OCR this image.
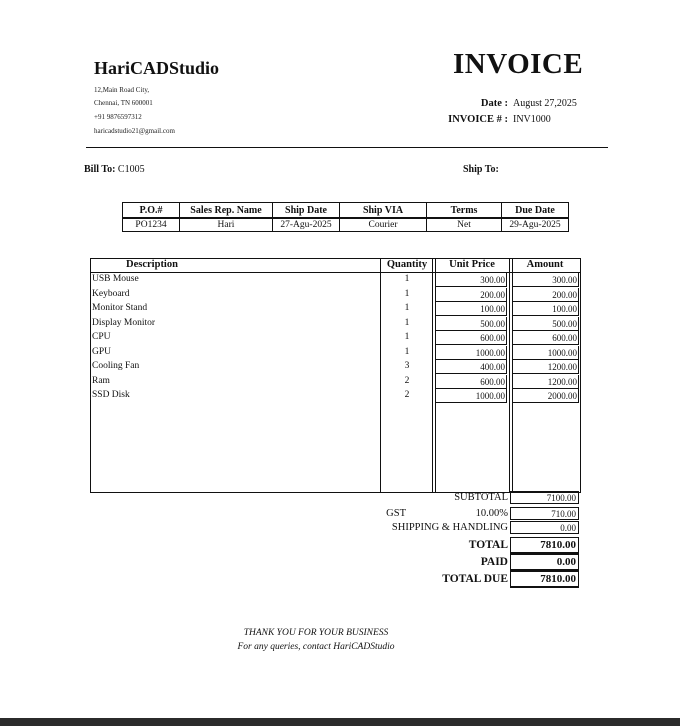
HariCADStudio
12,Main Road City,
Chennai, TN 600001
+91 9876597312
haricadstudio21@gmail.com
INVOICE
Date : August 27,2025
INVOICE # : INV1000
Bill To: C1005	Ship To:
P.O.#	Sales Rep. Name	Ship Date	Ship VIA	Terms	Due Date
PO1234	Hari	27-Agu-2025	Courier	Net	29-Agu-2025
Description	Quantity	Unit Price	Amount
USB Mouse	1	300.00	300.00
Keyboard	1	200.00	200.00
Monitor Stand	1	100.00	100.00
Display Monitor	1	500.00	500.00
CPU	1	600.00	600.00
GPU	1	1000.00	1000.00
Cooling Fan	3	400.00	1200.00
Ram	2	600.00	1200.00
SSD Disk	2	1000.00	2000.00
SUBTOTAL	7100.00
GST	10.00%	710.00
SHIPPING & HANDLING	0.00
TOTAL	7810.00
PAID	0.00
TOTAL DUE	7810.00
THANK YOU FOR YOUR BUSINESS
For any queries, contact HariCADStudio
